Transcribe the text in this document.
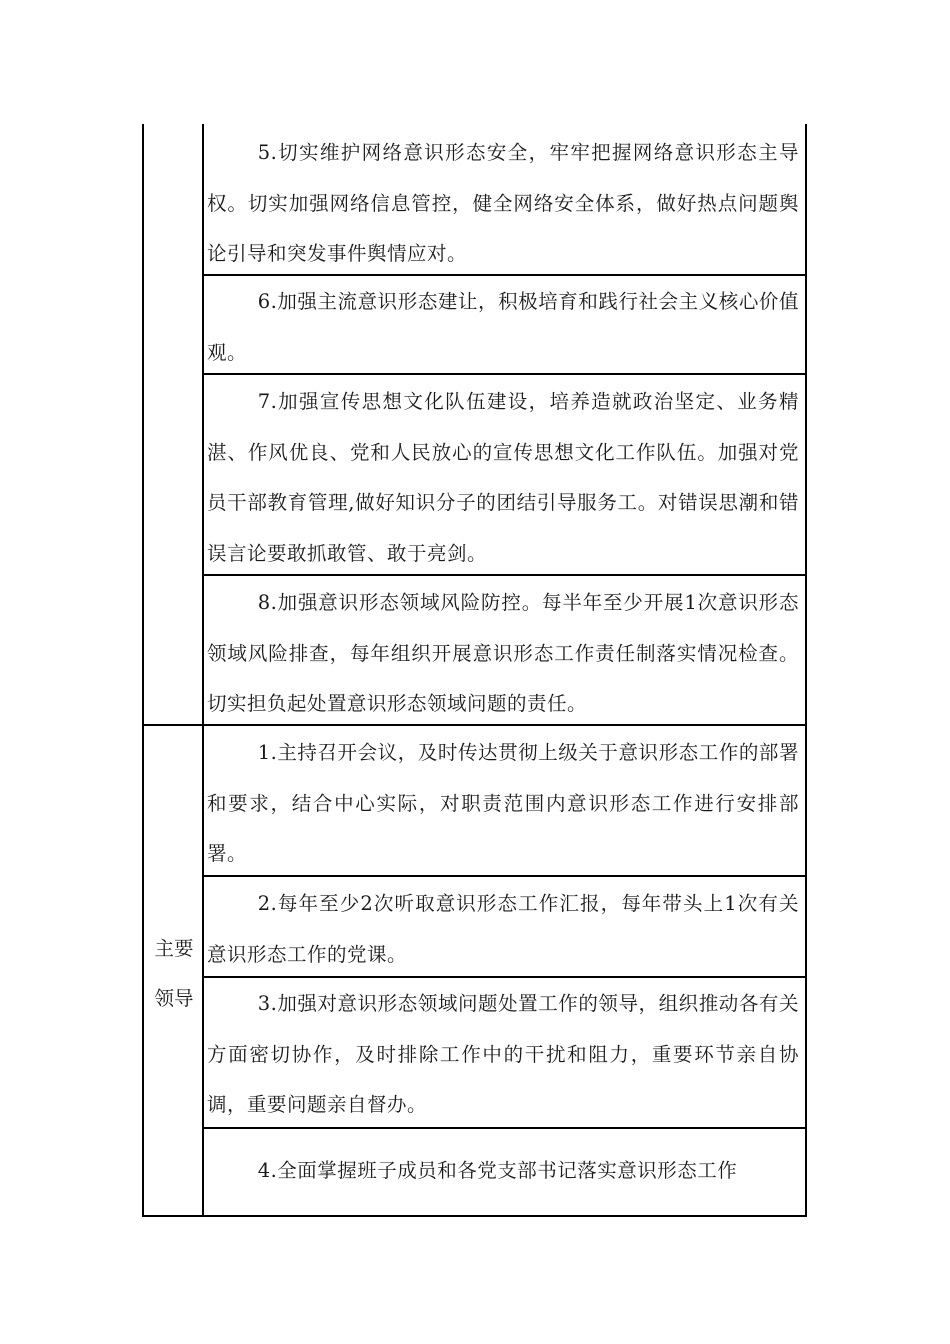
5.切实维护网络意识形态安全，牢牢把握网络意识形态主导权。切实加强网络信息管控，健全网络安全体系，做好热点问题舆论引导和突发事件舆情应对。

6.加强主流意识形态建让，积极培育和践行社会主义核心价值观。

7.加强宣传思想文化队伍建设，培养造就政治坚定、业务精湛、作风优良、党和人民放心的宣传思想文化工作队伍。加强对党员干部教育管理,做好知识分子的团结引导服务工。对错误思潮和错误言论要敢抓敢管、敢于亮剑。

8.加强意识形态领域风险防控。每半年至少开展1次意识形态领域风险排查，每年组织开展意识形态工作责任制落实情况检查。切实担负起处置意识形态领域问题的责任。

主要
领导

1.主持召开会议，及时传达贯彻上级关于意识形态工作的部署和要求，结合中心实际，对职责范围内意识形态工作进行安排部署。

2.每年至少2次听取意识形态工作汇报，每年带头上1次有关意识形态工作的党课。

3.加强对意识形态领域问题处置工作的领导，组织推动各有关方面密切协作，及时排除工作中的干扰和阻力，重要环节亲自协调，重要问题亲自督办。

4.全面掌握班子成员和各党支部书记落实意识形态工作
